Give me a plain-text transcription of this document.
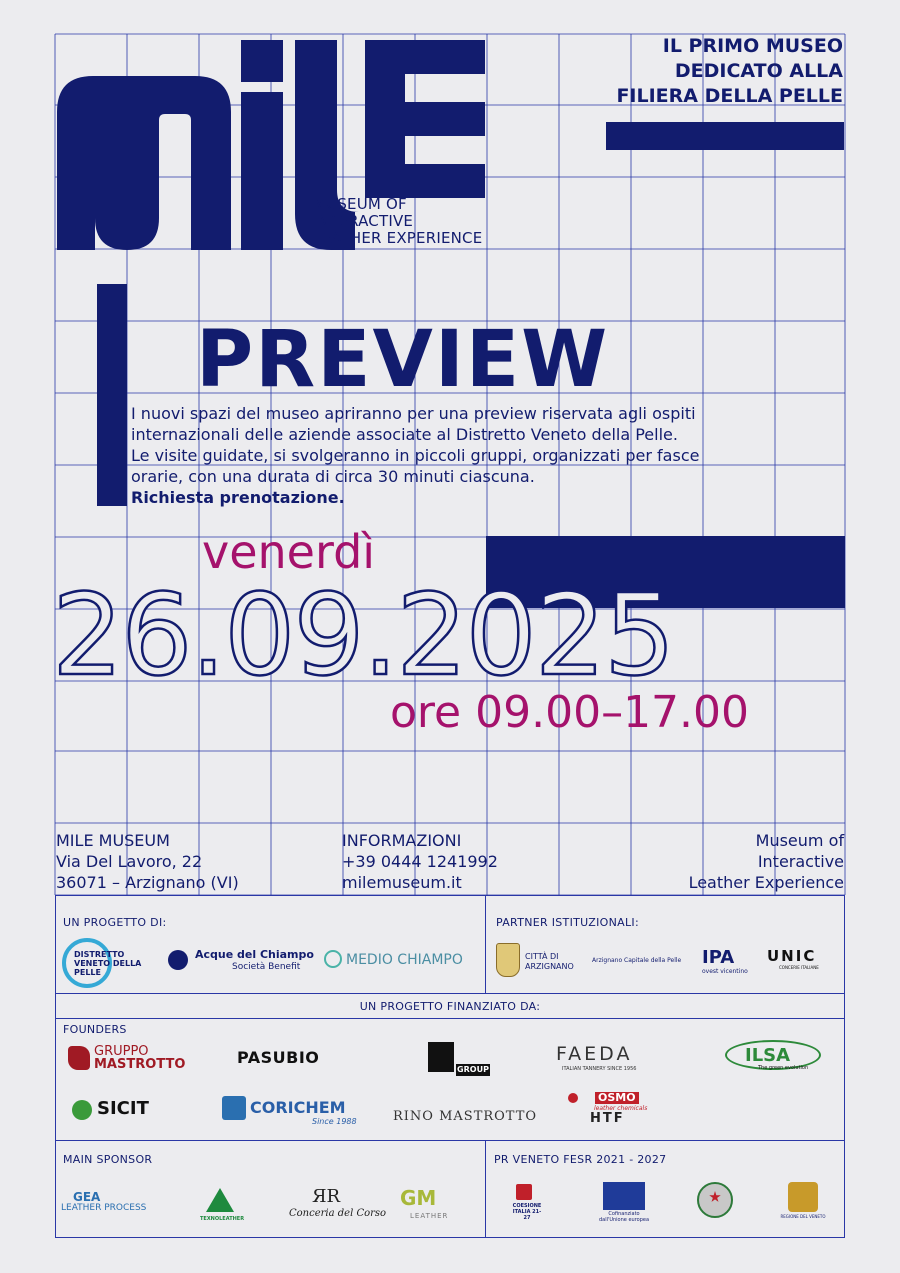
MUSEUM OF
INTERACTIVE
LEATHER EXPERIENCE
IL PRIMO MUSEO
DEDICATO ALLA
FILIERA DELLA PELLE
PREVIEW
I nuovi spazi del museo apriranno per una preview riservata agli ospiti
internazionali delle aziende associate al Distretto Veneto della Pelle.
Le visite guidate, si svolgeranno in piccoli gruppi, organizzati per fasce
orarie, con una durata di circa 30 minuti ciascuna.
Richiesta prenotazione.
venerdì
26.09.2025
ore 09.00–17.00
MILE MUSEUM
Via Del Lavoro, 22
36071 – Arzignano (VI)
INFORMAZIONI
+39 0444 1241992
milemuseum.it
Museum of
Interactive
Leather Experience
UN PROGETTO DI:	PARTNER ISTITUZIONALI:
UN PROGETTO FINANZIATO DA:
FOUNDERS
MAIN SPONSOR	PR VENETO FESR 2021 - 2027
DISTRETTO VENETO DELLA PELLE
Acque del Chiampo
Società Benefit	MEDIO CHIAMPO	CITTÀ DI ARZIGNANO
Arzignano Capitale della Pelle IPA
ovest vicentino
UNIC
CONCERIE ITALIANE
GRUPPO
MASTROTTO	PASUBIO
GROUP
FAEDA
ITALIAN TANNERY SINCE 1956
ILSA
The green evolution
SICIT	CORICHEM
Since 1988	RINO MASTROTTO
OSMO
leather chemicals
HTF
GEA
LEATHER PROCESS
TEXNOLEATHER
ЯR
Conceria del Corso
GM
LEATHER
COESIONE ITALIA 21-27
Cofinanziato dall'Unione europea
REGIONE DEL VENETO
